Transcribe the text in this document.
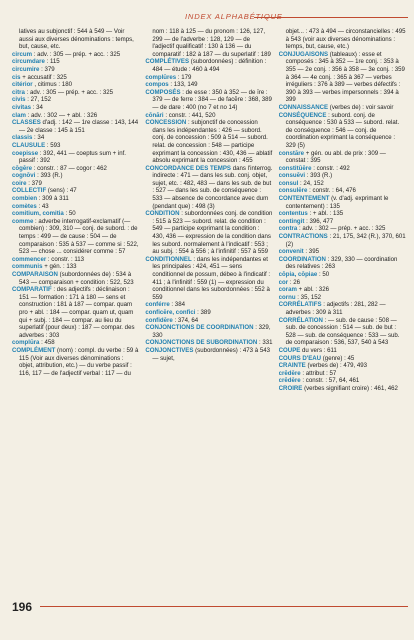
INDEX ALPHABÉTIQUE

latives au subjonctif : 544 à 549 — Voir aussi aux diverses dénominations : temps, but, cause, etc.

circum : adv. : 305 — prép. + acc. : 325

circumdare : 115

circumire : 379

cis + accusatif : 325

citérior , citimus : 180

citra : adv. : 305 — prép. + acc. : 325

civis : 27, 152

civitas : 34

clam : adv. : 302 — + abl. : 326

CLASSES d'adj. : 142 — 1re classe : 143, 144 — 2e classe : 145 à 151

classis : 34

CLAUSULE : 593

coepisse : 392, 441 — coeptus sum + inf. passif : 392

cōgĕre : constr. : 87 — cogor : 462

cognōvi : 393 (R.)

coire : 379

COLLECTIF (sens) : 47

combien : 309 à 311

comètes : 43

comitium, comitia : 50

comme : adverbe interrogatif-exclamatif (— combien) : 309, 310 — conj. de subord. : de temps : 499 — de cause : 504 — de comparaison : 535 à 537 — comme si : 522, 523 — chose ... considérer comme : 57

commencer : constr. : 113

communis + gén. : 133

COMPARAISON (subordonnées de) : 534 à 543 — comparaison + condition : 522, 523

COMPARATIF : des adjectifs : déclinaison : 151 — formation : 171 à 180 — sens et construction : 181 à 187 — compar. quam pro + abl. : 184 — compar. quam ut, quam qui + subj. : 184 — compar. au lieu du superlatif (pour deux) : 187 — compar. des adverbes : 303

complūra : 458

COMPLÉMENT (nom) : compl. du verbe : 59 à 115 (Voir aux diverses dénominations : objet, attribution, etc.) — du verbe passif : 116, 117 — de l'adjectif verbal : 117 — du

nom : 118 à 125 — du pronom : 126, 127, 299 — de l'adverbe : 128, 129 — de l'adjectif qualificatif : 130 à 136 — du comparatif : 182 à 187 — du superlatif : 189

COMPLÉTIVES (subordonnées) : définition : 484 — étude : 460 à 494

complūres : 179

compos : 133, 149

COMPOSÉS : de esse : 350 à 352 — de īre : 379 — de ferre : 384 — de facĕre : 368, 389 — de dare : 400 (no 7 et no 14)

cōnāri : constr. : 441, 520

CONCESSION : subjonctif de concession dans les indépendantes : 426 — subord. conj. de concession : 509 à 514 — subord. relat. de concession : 548 — participe exprimant la concession : 430, 436 — ablatif absolu exprimant la concession : 455

CONCORDANCE DES TEMPS dans l'interrog. indirecte : 471 — dans les sub. conj. objet, sujet, etc. : 482, 483 — dans les sub. de but : 527 — dans les sub. de conséquence : 533 — absence de concordance avec dum (pendant que) : 498 (3)

CONDITION : subordonnées conj. de condition : 515 à 523 — subord. relat. de condition : 549 — participe exprimant la condition : 430, 436 — expression de la condition dans les subord. normalement à l'indicatif : 553 ; au subj. : 554 à 556 ; à l'infinitif : 557 à 559

CONDITIONNEL : dans les indépendantes et les principales : 424, 451 — sens conditionnel de possum, débeo à l'indicatif : 411 ; à l'infinitif : 559 (1) — expression du conditionnel dans les subordonnées : 552 à 559

conférre : 384

conficĕre, confici : 389

confidĕre : 374, 64

CONJONCTIONS DE COORDINATION : 329, 330

CONJONCTIONS DE SUBORDINATION : 331

CONJONCTIVES (subordonnées) : 473 à 543 — sujet,

objet... : 473 à 494 — circonstancielles : 495 à 543 (voir aux diverses dénominations : temps, but, cause, etc.)

CONJUGAISONS (tableaux) : esse et composés : 345 à 352 — 1re conj. : 353 à 355 — 2e conj. : 356 à 358 — 3e conj. : 359 à 364 — 4e conj. : 365 à 367 — verbes irréguliers : 376 à 389 — verbes défectifs : 390 à 393 — verbes impersonnels : 394 à 399

CONNAISSANCE (verbes de) : voir savoir

CONSÉQUENCE : subord. conj. de conséquence : 530 à 533 — subord. relat. de conséquence : 546 — conj. de coordination exprimant la conséquence : 329 (5)

constāre + gén. ou abl. de prix : 309 — constat : 395

constitūĕre : constr. : 492

consuēvi : 393 (R.)

consul : 24, 152

consulĕre : constr. : 64, 476

CONTENTEMENT (v. d'adj. exprimant le contentement) : 135

contentus : + abl. : 135

contingit : 396, 477

contra : adv. : 302 — prép. + acc. : 325

CONTRACTIONS : 21, 175, 342 (R.), 370, 601 (2)

convenit : 395

COORDINATION : 329, 330 — coordination des relatives : 263

cōpia, cōpiae : 50

cor : 26

coram + abl. : 326

cornu : 35, 152

CORRÉLATIFS : adjectifs : 281, 282 — adverbes : 309 à 311

CORRÉLATION : — sub. de cause : 508 — sub. de concession : 514 — sub. de but : 528 — sub. de conséquence : 533 — sub. de comparaison : 536, 537, 540 à 543

COUPE du vers : 611

COURS D'EAU (genre) : 45

CRAINTE (verbes de) : 479, 493

crēdĕre : attribut : 57

crēdĕre : constr. : 57, 64, 461

CROIRE (verbes signifiant croire) : 461, 462

196
